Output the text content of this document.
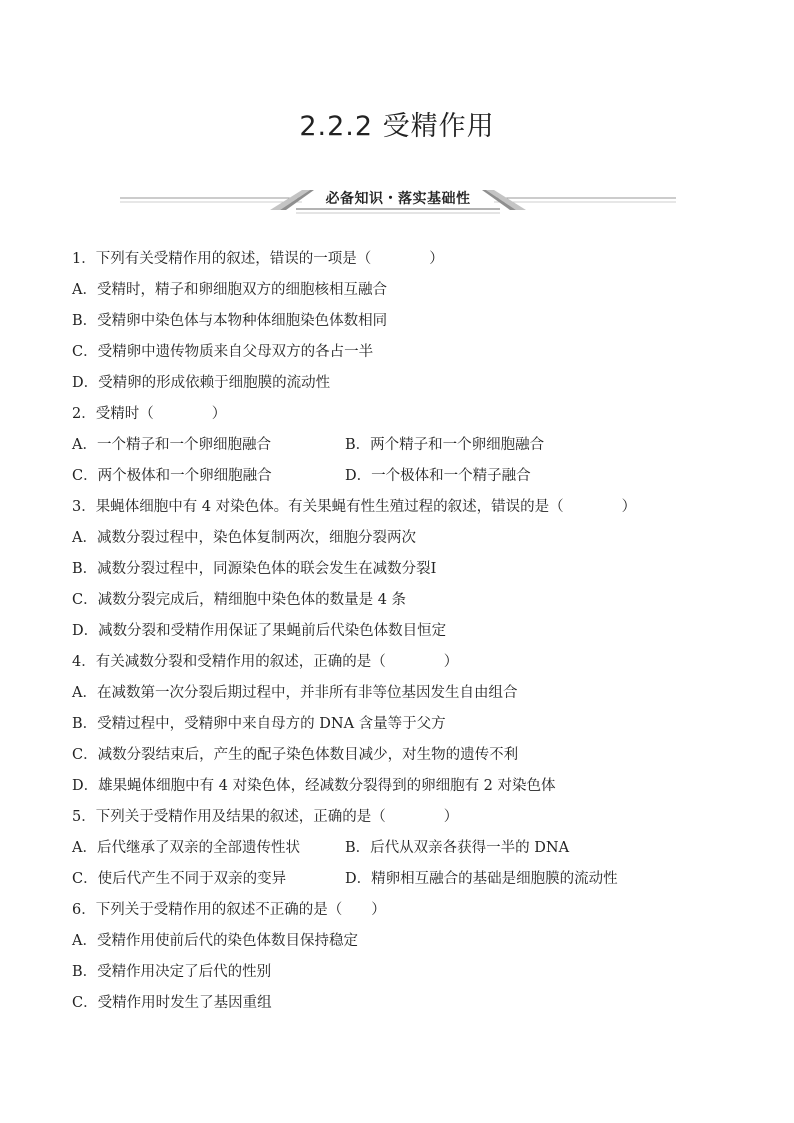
2.2.2 受精作用
必备知识・落实基础性
1．下列有关受精作用的叙述，错误的一项是（　　　　）
A．受精时，精子和卵细胞双方的细胞核相互融合
B．受精卵中染色体与本物种体细胞染色体数相同
C．受精卵中遗传物质来自父母双方的各占一半
D．受精卵的形成依赖于细胞膜的流动性
2．受精时（　　　　）
A．一个精子和一个卵细胞融合	B．两个精子和一个卵细胞融合
C．两个极体和一个卵细胞融合	D．一个极体和一个精子融合
3．果蝇体细胞中有 4 对染色体。有关果蝇有性生殖过程的叙述，错误的是（　　　　）
A．减数分裂过程中，染色体复制两次，细胞分裂两次
B．减数分裂过程中，同源染色体的联会发生在减数分裂Ⅰ
C．减数分裂完成后，精细胞中染色体的数量是 4 条
D．减数分裂和受精作用保证了果蝇前后代染色体数目恒定
4．有关减数分裂和受精作用的叙述，正确的是（　　　　）
A．在减数第一次分裂后期过程中，并非所有非等位基因发生自由组合
B．受精过程中，受精卵中来自母方的 DNA 含量等于父方
C．减数分裂结束后，产生的配子染色体数目减少，对生物的遗传不利
D．雄果蝇体细胞中有 4 对染色体，经减数分裂得到的卵细胞有 2 对染色体
5．下列关于受精作用及结果的叙述，正确的是（　　　　）
A．后代继承了双亲的全部遗传性状	B．后代从双亲各获得一半的 DNA
C．使后代产生不同于双亲的变异	D．精卵相互融合的基础是细胞膜的流动性
6．下列关于受精作用的叙述不正确的是（　　）
A．受精作用使前后代的染色体数目保持稳定
B．受精作用决定了后代的性别
C．受精作用时发生了基因重组
